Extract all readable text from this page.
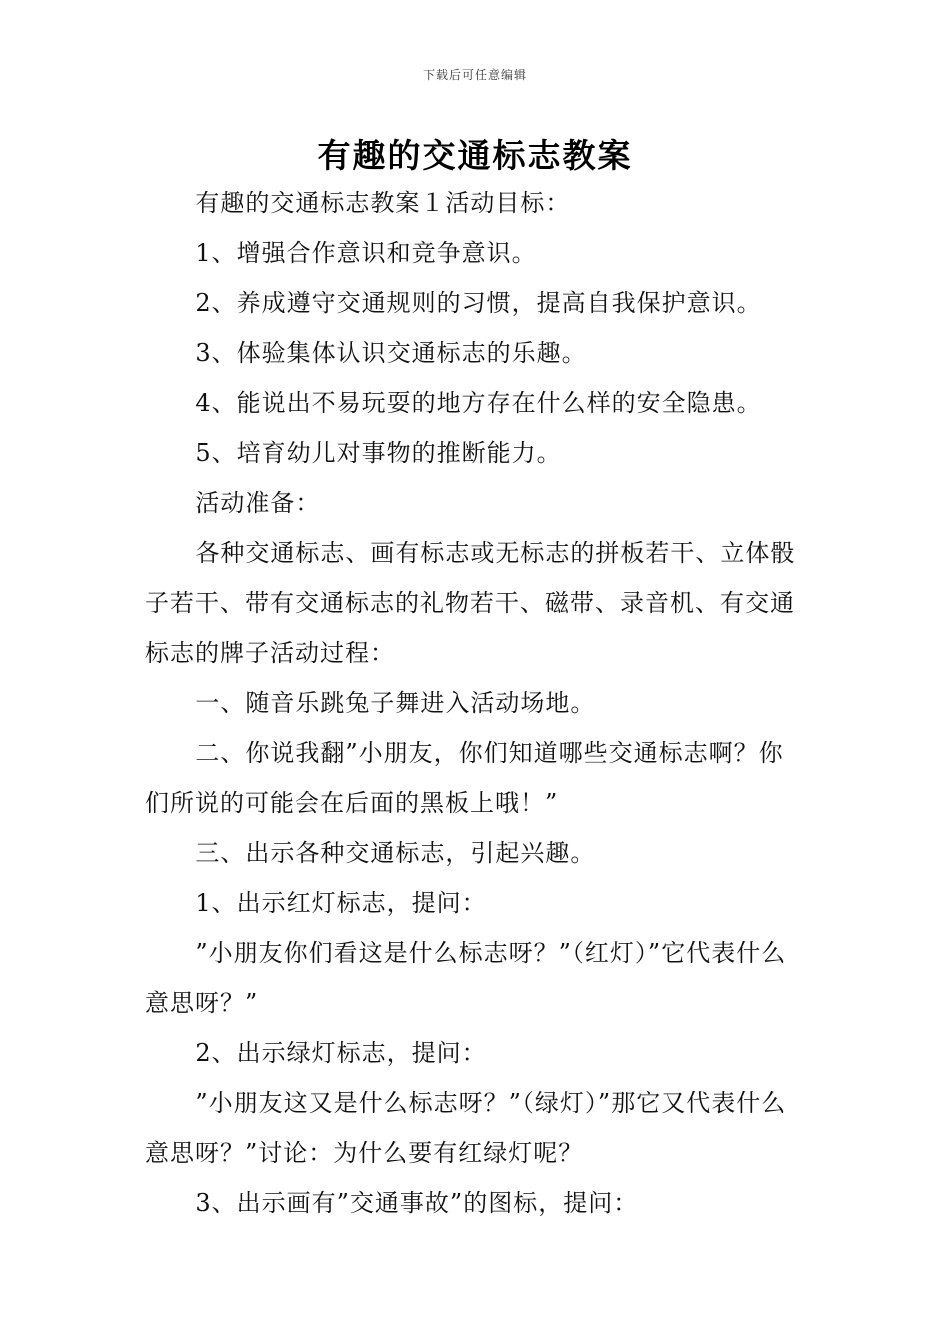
下载后可任意编辑
有趣的交通标志教案

有趣的交通标志教案１活动目标：

1、增强合作意识和竞争意识。

2、养成遵守交通规则的习惯，提高自我保护意识。

3、体验集体认识交通标志的乐趣。

4、能说出不易玩耍的地方存在什么样的安全隐患。

5、培育幼儿对事物的推断能力。

活动准备：

各种交通标志、画有标志或无标志的拼板若干、立体骰子若干、带有交通标志的礼物若干、磁带、录音机、有交通标志的牌子活动过程：

一、随音乐跳兔子舞进入活动场地。

二、你说我翻”小朋友，你们知道哪些交通标志啊？你们所说的可能会在后面的黑板上哦！”

三、出示各种交通标志，引起兴趣。

1、出示红灯标志，提问：

”小朋友你们看这是什么标志呀？”（红灯）”它代表什么意思呀？”

2、出示绿灯标志，提问：

”小朋友这又是什么标志呀？”（绿灯）”那它又代表什么意思呀？”讨论：为什么要有红绿灯呢？

3、出示画有”交通事故”的图标，提问：
